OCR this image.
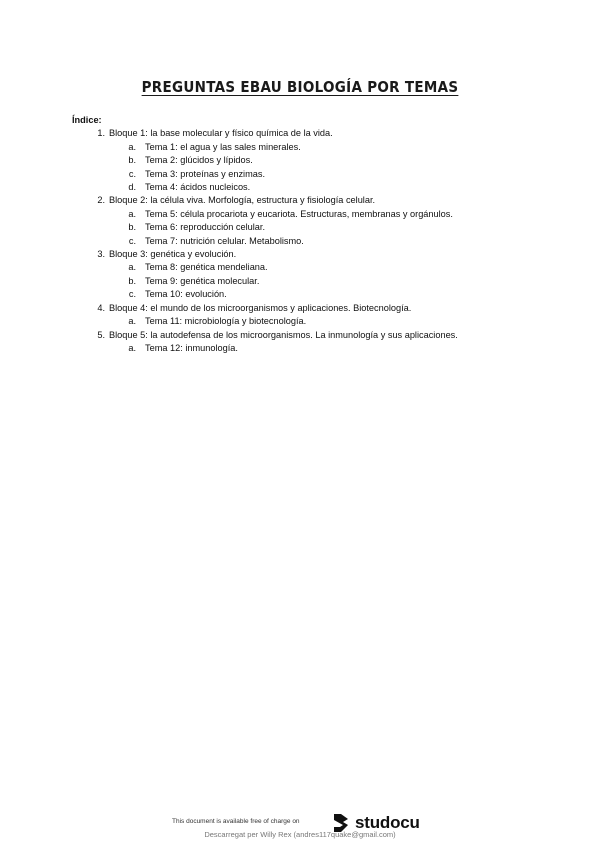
PREGUNTAS EBAU BIOLOGÍA POR TEMAS
Índice:
1. Bloque 1: la base molecular y físico química de la vida.
a. Tema 1: el agua y las sales minerales.
b. Tema 2: glúcidos y lípidos.
c. Tema 3: proteínas y enzimas.
d. Tema 4: ácidos nucleicos.
2. Bloque 2: la célula viva. Morfología, estructura y fisiología celular.
a. Tema 5: célula procariota y eucariota. Estructuras, membranas y orgánulos.
b. Tema 6: reproducción celular.
c. Tema 7: nutrición celular. Metabolismo.
3. Bloque 3: genética y evolución.
a. Tema 8: genética mendeliana.
b. Tema 9: genética molecular.
c. Tema 10: evolución.
4. Bloque 4: el mundo de los microorganismos y aplicaciones. Biotecnología.
a. Tema 11: microbiología y biotecnología.
5. Bloque 5: la autodefensa de los microorganismos. La inmunología y sus aplicaciones.
a. Tema 12: inmunología.
This document is available free of charge on	studocu
Descarregat per Willy Rex (andres117quake@gmail.com)
